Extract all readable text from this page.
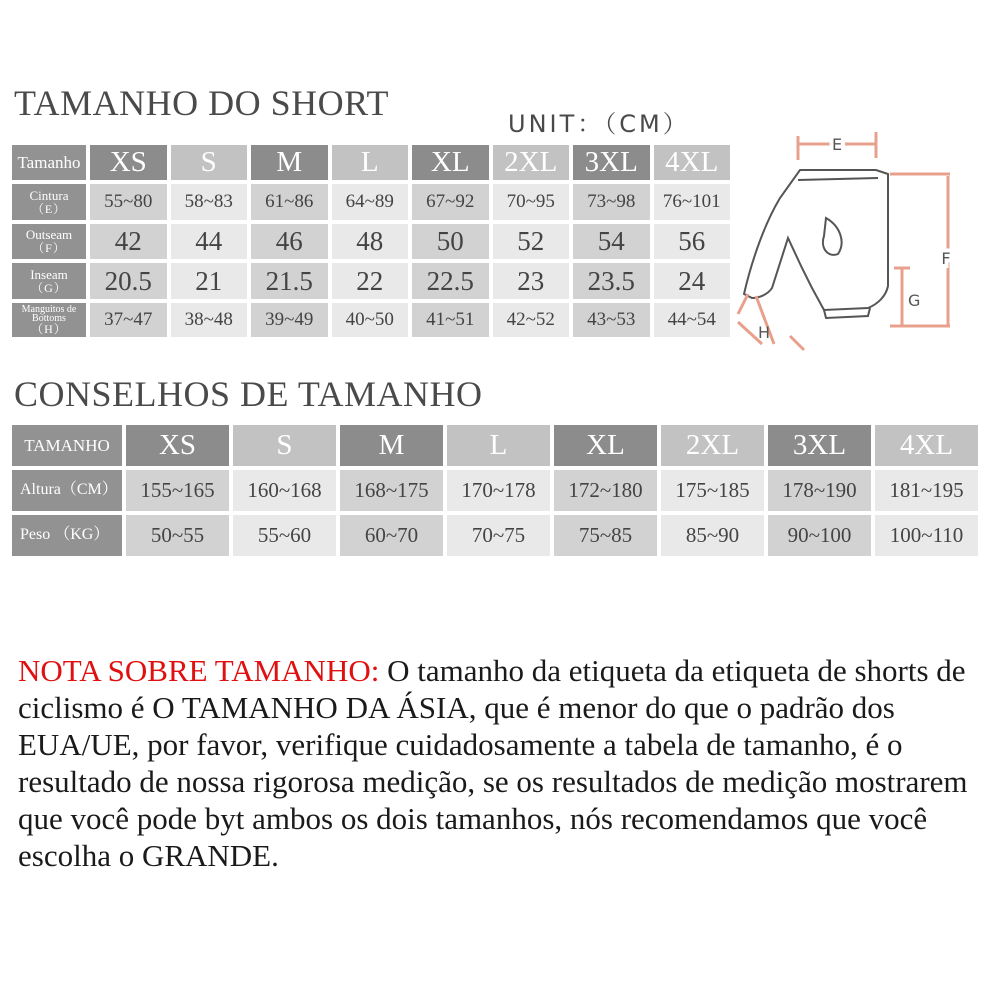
TAMANHO DO SHORT
UNIT：（CM）
Tamanho	XS	S	M	L	XL	2XL 3XL 4XL
Cintura
（E）	55~80	58~83	61~86	64~89	67~92	70~95	73~98	76~101
Outseam
（F）	42	44	46	48	50	52	54	56
Inseam
（G）	20.5	21	21.5	22	22.5	23	23.5	24
Manguitos de Bottoms
（H）	37~47	38~48	39~49	40~50	41~51	42~52	43~53	44~54
E
F
G
H
CONSELHOS DE TAMANHO
TAMANHO	XS	S	M	L	XL	2XL	3XL	4XL
Altura（CM）	155~165	160~168	168~175	170~178	172~180	175~185	178~190	181~195
Peso （KG）	50~55	55~60	60~70	70~75	75~85	85~90	90~100	100~110
NOTA SOBRE TAMANHO: O tamanho da etiqueta da etiqueta de shorts de ciclismo é O TAMANHO DA ÁSIA, que é menor do que o padrão dos EUA/UE, por favor, verifique cuidadosamente a tabela de tamanho, é o resultado de nossa rigorosa medição, se os resultados de medição mostrarem que você pode byt ambos os dois tamanhos, nós recomendamos que você escolha o GRANDE.
